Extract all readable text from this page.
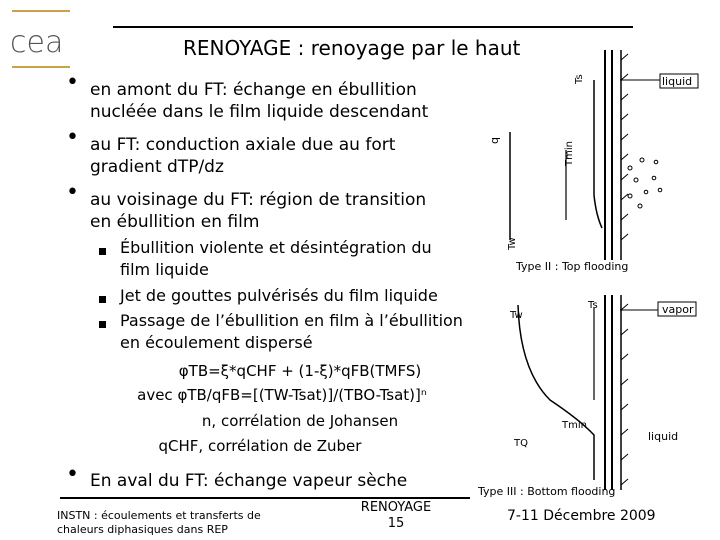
cea	RENOYAGE : renoyage par le haut
• en amont du FT: échange en ébullition
nucléée dans le film liquide descendant
• au FT: conduction axiale due au fort
gradient dTP/dz
• au voisinage du FT: région de transition
en ébullition en film
Ébullition violente et désintégration du
film liquide
Jet de gouttes pulvérisés du film liquide
Passage de l’ébullition en film à l’ébullition
en écoulement dispersé
φTB=ξ*qCHF + (1-ξ)*qFB(TMFS)
avec φTB/qFB=[(TW-Tsat)]/(TBO-Tsat)]ⁿ
n, corrélation de Johansen
qCHF, corrélation de Zuber
• En aval du FT: échange vapeur sèche
liquid
q
Tmin
Tw
Ts
Type II : Top flooding
vapor
liquid
Tw
Ts
TQ
Tmin
Type III : Bottom flooding
INSTN : écoulements et transferts de
chaleurs diphasiques dans REP
RENOYAGE
15	7-11 Décembre 2009
